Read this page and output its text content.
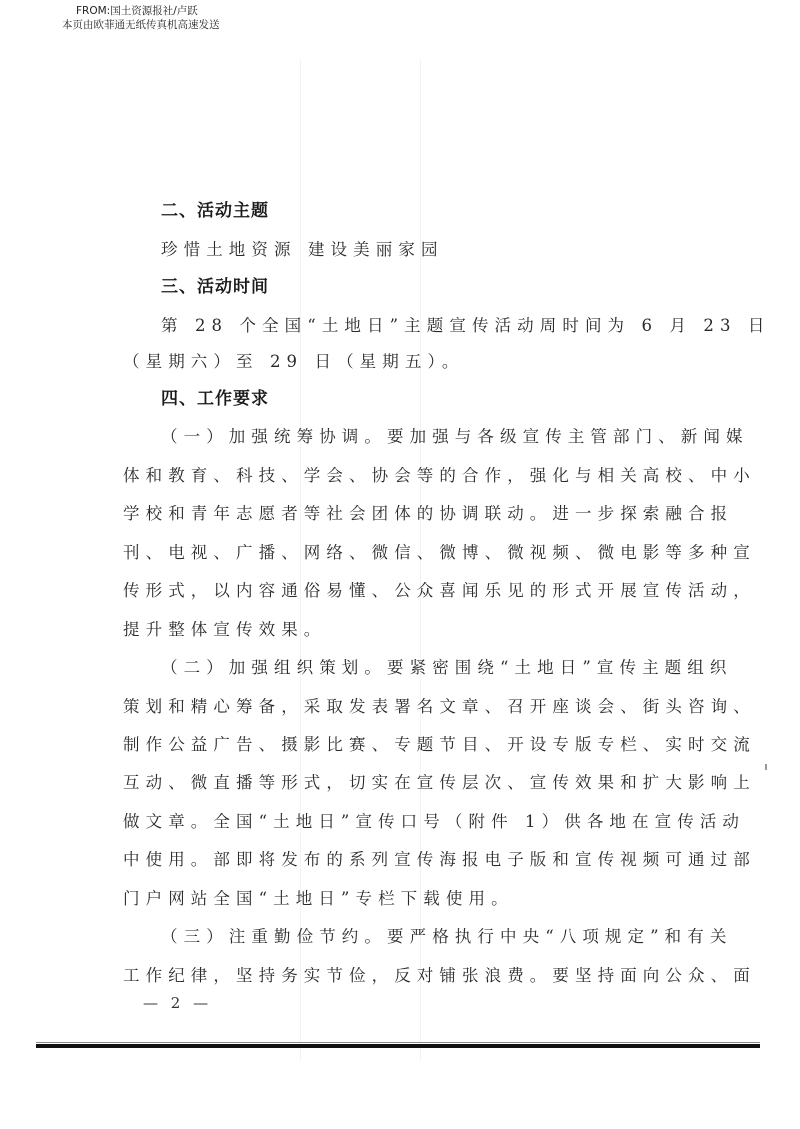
FROM:国土资源报社/卢跃
本页由欧菲通无纸传真机高速发送
二、活动主题
珍惜土地资源 建设美丽家园
三、活动时间
第 28 个全国“土地日”主题宣传活动周时间为 6 月 23 日
（星期六）至 29 日（星期五）。
四、工作要求
（一）加强统筹协调。要加强与各级宣传主管部门、新闻媒
体和教育、科技、学会、协会等的合作，强化与相关高校、中小
学校和青年志愿者等社会团体的协调联动。进一步探索融合报
刊、电视、广播、网络、微信、微博、微视频、微电影等多种宣
传形式，以内容通俗易懂、公众喜闻乐见的形式开展宣传活动，
提升整体宣传效果。
（二）加强组织策划。要紧密围绕“土地日”宣传主题组织
策划和精心筹备，采取发表署名文章、召开座谈会、街头咨询、
制作公益广告、摄影比赛、专题节目、开设专版专栏、实时交流
互动、微直播等形式，切实在宣传层次、宣传效果和扩大影响上
做文章。全国“土地日”宣传口号（附件 1）供各地在宣传活动
中使用。部即将发布的系列宣传海报电子版和宣传视频可通过部
门户网站全国“土地日”专栏下载使用。
（三）注重勤俭节约。要严格执行中央“八项规定”和有关
工作纪律，坚持务实节俭，反对铺张浪费。要坚持面向公众、面
— 2 —
